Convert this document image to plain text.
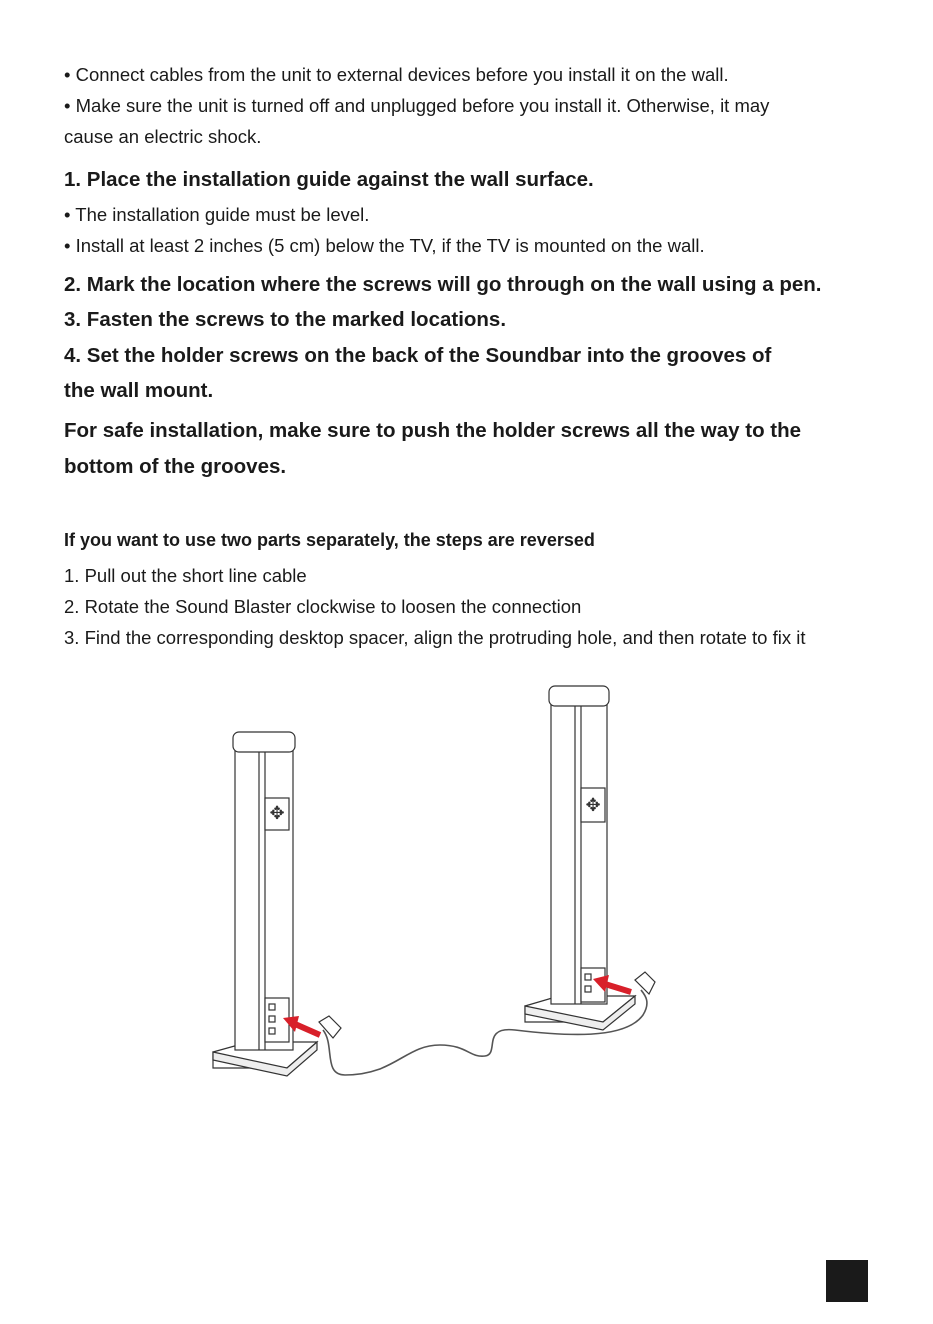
• Connect cables from the unit to external devices before you install it on the wall.
• Make sure the unit is turned off and unplugged before you install it. Otherwise, it may
cause an electric shock.
1. Place the installation guide against the wall surface.
• The installation guide must be level.
• Install at least 2 inches (5 cm) below the TV, if the TV is mounted on the wall.
2. Mark the location where the screws will go through on the wall using a pen.
3. Fasten the screws to the marked locations.
4. Set the holder screws on the back of the Soundbar into the grooves of
the wall mount.
For safe installation, make sure to push the holder screws all the way to the
bottom of the grooves.
If you want to use two parts separately, the steps are reversed
1. Pull out the short line cable
2. Rotate the Sound Blaster clockwise to loosen the connection
3. Find the corresponding desktop spacer, align the protruding hole, and then rotate to fix it
✥	✥
